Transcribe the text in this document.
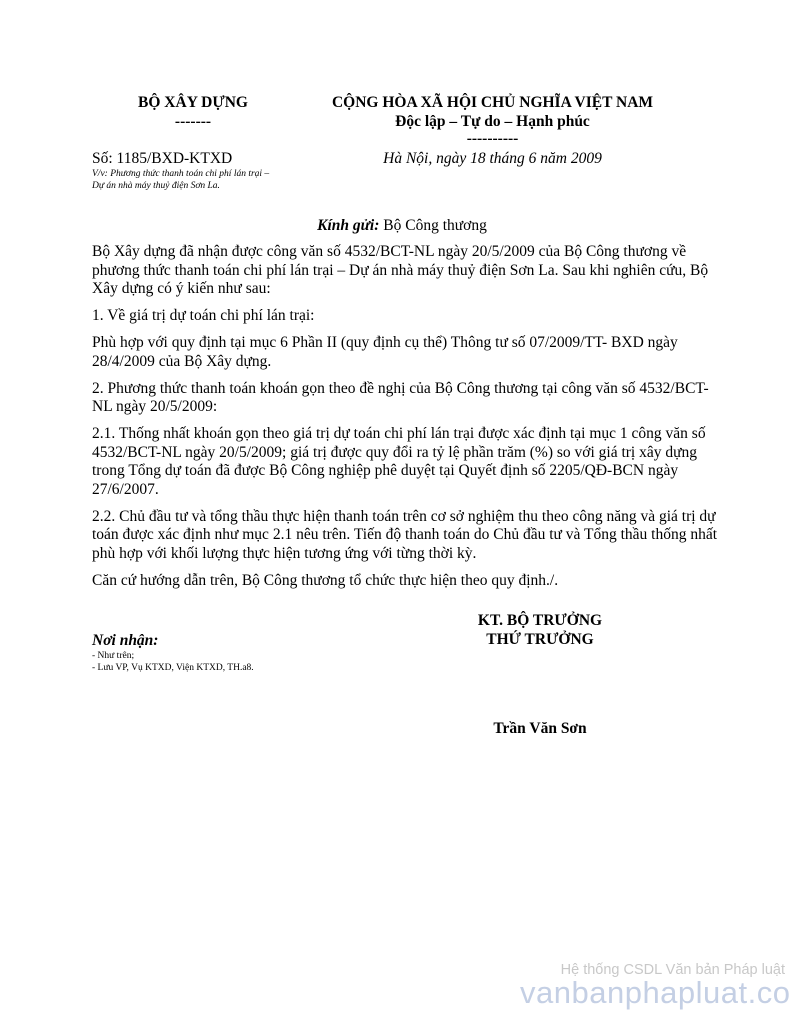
BỘ XÂY DỰNG
-------
Số: 1185/BXD-KTXD
V/v: Phương thức thanh toán chi phí lán trại –
Dự án nhà máy thuỷ điện Sơn La.
CỘNG HÒA XÃ HỘI CHỦ NGHĨA VIỆT NAM
Độc lập – Tự do – Hạnh phúc
----------
Hà Nội, ngày 18 tháng 6 năm 2009
Kính gửi: Bộ Công thương

Bộ Xây dựng đã nhận được công văn số 4532/BCT-NL ngày 20/5/2009 của Bộ Công thương về phương thức thanh toán chi phí lán trại – Dự án nhà máy thuỷ điện Sơn La. Sau khi nghiên cứu, Bộ Xây dựng có ý kiến như sau:

1. Về giá trị dự toán chi phí lán trại:

Phù hợp với quy định tại mục 6 Phần II (quy định cụ thể) Thông tư số 07/2009/TT- BXD ngày 28/4/2009 của Bộ Xây dựng.

2. Phương thức thanh toán khoán gọn theo đề nghị của Bộ Công thương tại công văn số 4532/BCT-NL ngày 20/5/2009:

2.1. Thống nhất khoán gọn theo giá trị dự toán chi phí lán trại được xác định tại mục 1 công văn số 4532/BCT-NL ngày 20/5/2009; giá trị được quy đổi ra tỷ lệ phần trăm (%) so với giá trị xây dựng trong Tổng dự toán đã được Bộ Công nghiệp phê duyệt tại Quyết định số 2205/QĐ-BCN ngày 27/6/2007.

2.2. Chủ đầu tư và tổng thầu thực hiện thanh toán trên cơ sở nghiệm thu theo công năng và giá trị dự toán được xác định như mục 2.1 nêu trên. Tiến độ thanh toán do Chủ đầu tư và Tổng thầu thống nhất phù hợp với khối lượng thực hiện tương ứng với từng thời kỳ.

Căn cứ hướng dẫn trên, Bộ Công thương tổ chức thực hiện theo quy định./.

KT. BỘ TRƯỞNG
THỨ TRƯỞNG
Trần Văn Sơn
Nơi nhận:
- Như trên;
- Lưu VP, Vụ KTXD, Viện KTXD, TH.a8.
Hệ thống CSDL Văn bản Pháp luật
vanbanphapluat.co
